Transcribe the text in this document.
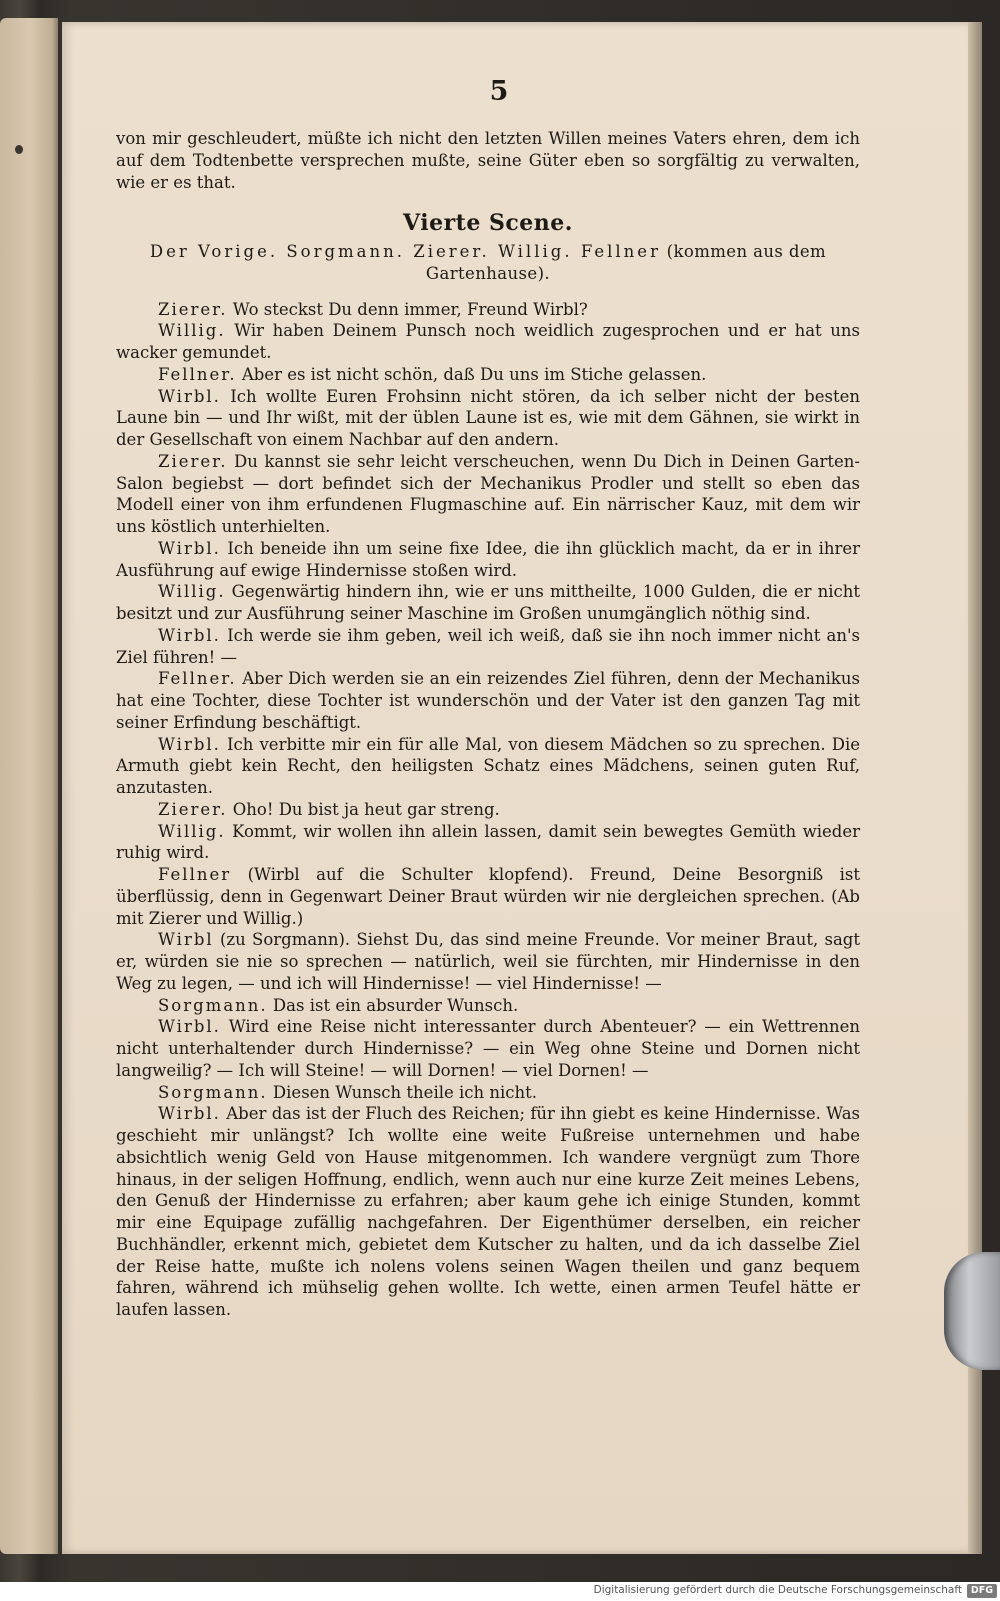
5

von mir geschleudert, müßte ich nicht den letzten Willen meines Vaters ehren, dem ich auf dem Todtenbette versprechen mußte, seine Güter eben so sorgfältig zu verwalten, wie er es that.

Vierte Scene.
Der Vorige. Sorgmann. Zierer. Willig. Fellner (kommen aus dem Gartenhause).

Zierer. Wo steckst Du denn immer, Freund Wirbl?

Willig. Wir haben Deinem Punsch noch weidlich zugesprochen und er hat uns wacker gemundet.

Fellner. Aber es ist nicht schön, daß Du uns im Stiche gelassen.

Wirbl. Ich wollte Euren Frohsinn nicht stören, da ich selber nicht der besten Laune bin — und Ihr wißt, mit der üblen Laune ist es, wie mit dem Gähnen, sie wirkt in der Gesellschaft von einem Nachbar auf den andern.

Zierer. Du kannst sie sehr leicht verscheuchen, wenn Du Dich in Deinen Garten-Salon begiebst — dort befindet sich der Mechanikus Prodler und stellt so eben das Modell einer von ihm erfundenen Flugmaschine auf. Ein närrischer Kauz, mit dem wir uns köstlich unterhielten.

Wirbl. Ich beneide ihn um seine fixe Idee, die ihn glücklich macht, da er in ihrer Ausführung auf ewige Hindernisse stoßen wird.

Willig. Gegenwärtig hindern ihn, wie er uns mittheilte, 1000 Gulden, die er nicht besitzt und zur Ausführung seiner Maschine im Großen unumgänglich nöthig sind.

Wirbl. Ich werde sie ihm geben, weil ich weiß, daß sie ihn noch immer nicht an's Ziel führen! —

Fellner. Aber Dich werden sie an ein reizendes Ziel führen, denn der Mechanikus hat eine Tochter, diese Tochter ist wunderschön und der Vater ist den ganzen Tag mit seiner Erfindung beschäftigt.

Wirbl. Ich verbitte mir ein für alle Mal, von diesem Mädchen so zu sprechen. Die Armuth giebt kein Recht, den heiligsten Schatz eines Mädchens, seinen guten Ruf, anzutasten.

Zierer. Oho! Du bist ja heut gar streng.

Willig. Kommt, wir wollen ihn allein lassen, damit sein bewegtes Gemüth wieder ruhig wird.

Fellner (Wirbl auf die Schulter klopfend). Freund, Deine Besorgniß ist überflüssig, denn in Gegenwart Deiner Braut würden wir nie dergleichen sprechen. (Ab mit Zierer und Willig.)

Wirbl (zu Sorgmann). Siehst Du, das sind meine Freunde. Vor meiner Braut, sagt er, würden sie nie so sprechen — natürlich, weil sie fürchten, mir Hindernisse in den Weg zu legen, — und ich will Hindernisse! — viel Hindernisse! —

Sorgmann. Das ist ein absurder Wunsch.

Wirbl. Wird eine Reise nicht interessanter durch Abenteuer? — ein Wettrennen nicht unterhaltender durch Hindernisse? — ein Weg ohne Steine und Dornen nicht langweilig? — Ich will Steine! — will Dornen! — viel Dornen! —

Sorgmann. Diesen Wunsch theile ich nicht.

Wirbl. Aber das ist der Fluch des Reichen; für ihn giebt es keine Hindernisse. Was geschieht mir unlängst? Ich wollte eine weite Fußreise unternehmen und habe absichtlich wenig Geld von Hause mitgenommen. Ich wandere vergnügt zum Thore hinaus, in der seligen Hoffnung, endlich, wenn auch nur eine kurze Zeit meines Lebens, den Genuß der Hindernisse zu erfahren; aber kaum gehe ich einige Stunden, kommt mir eine Equipage zufällig nachgefahren. Der Eigenthümer derselben, ein reicher Buchhändler, erkennt mich, gebietet dem Kutscher zu halten, und da ich dasselbe Ziel der Reise hatte, mußte ich nolens volens seinen Wagen theilen und ganz bequem fahren, während ich mühselig gehen wollte. Ich wette, einen armen Teufel hätte er laufen lassen.

Digitalisierung gefördert durch die Deutsche Forschungsgemeinschaft DFG
